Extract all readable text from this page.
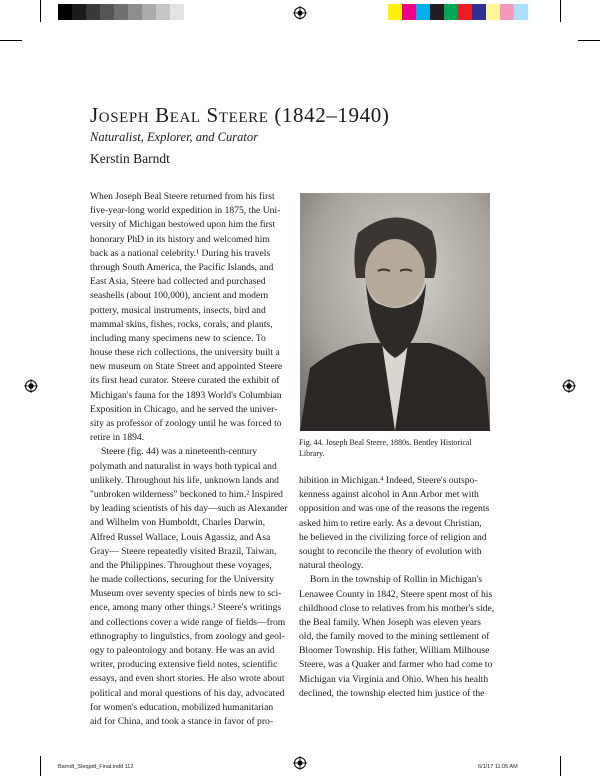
Joseph Beal Steere (1842–1940)
Naturalist, Explorer, and Curator
Kerstin Barndt
When Joseph Beal Steere returned from his first
five-year-long world expedition in 1875, the Uni-
versity of Michigan bestowed upon him the first
honorary PhD in its history and welcomed him
back as a national celebrity.¹ During his travels
through South America, the Pacific Islands, and
East Asia, Steere had collected and purchased
seashells (about 100,000), ancient and modern
pottery, musical instruments, insects, bird and
mammal skins, fishes, rocks, corals, and plants,
including many specimens new to science. To
house these rich collections, the university built a
new museum on State Street and appointed Steere
its first head curator. Steere curated the exhibit of
Michigan's fauna for the 1893 World's Columbian
Exposition in Chicago, and he served the univer-
sity as professor of zoology until he was forced to
retire in 1894.
Steere (fig. 44) was a nineteenth-century
polymath and naturalist in ways both typical and
unlikely. Throughout his life, unknown lands and
"unbroken wilderness" beckoned to him.² Inspired
by leading scientists of his day—such as Alexander
and Wilhelm von Humboldt, Charles Darwin,
Alfred Russel Wallace, Louis Agassiz, and Asa
Gray— Steere repeatedly visited Brazil, Taiwan,
and the Philippines. Throughout these voyages,
he made collections, securing for the University
Museum over seventy species of birds new to sci-
ence, among many other things.³ Steere's writings
and collections cover a wide range of fields—from
ethnography to linguistics, from zoology and geol-
ogy to paleontology and botany. He was an avid
writer, producing extensive field notes, scientific
essays, and even short stories. He also wrote about
political and moral questions of his day, advocated
for women's education, mobilized humanitarian
aid for China, and took a stance in favor of pro-
Fig. 44. Joseph Beal Steere, 1880s. Bentley Historical Library.
hibition in Michigan.⁴ Indeed, Steere's outspo-
kenness against alcohol in Ann Arbor met with
opposition and was one of the reasons the regents
asked him to retire early. As a devout Christian,
he believed in the civilizing force of religion and
sought to reconcile the theory of evolution with
natural theology.
Born in the township of Rollin in Michigan's
Lenawee County in 1842, Steere spent most of his
childhood close to relatives from his mother's side,
the Beal family. When Joseph was eleven years
old, the family moved to the mining settlement of
Bloomer Township. His father, William Milhouse
Steere, was a Quaker and farmer who had come to
Michigan via Virginia and Ohio. When his health
declined, the township elected him justice of the
Barndt_SteqpdI_Final.indd 112	6/1/17 11:05 AM
